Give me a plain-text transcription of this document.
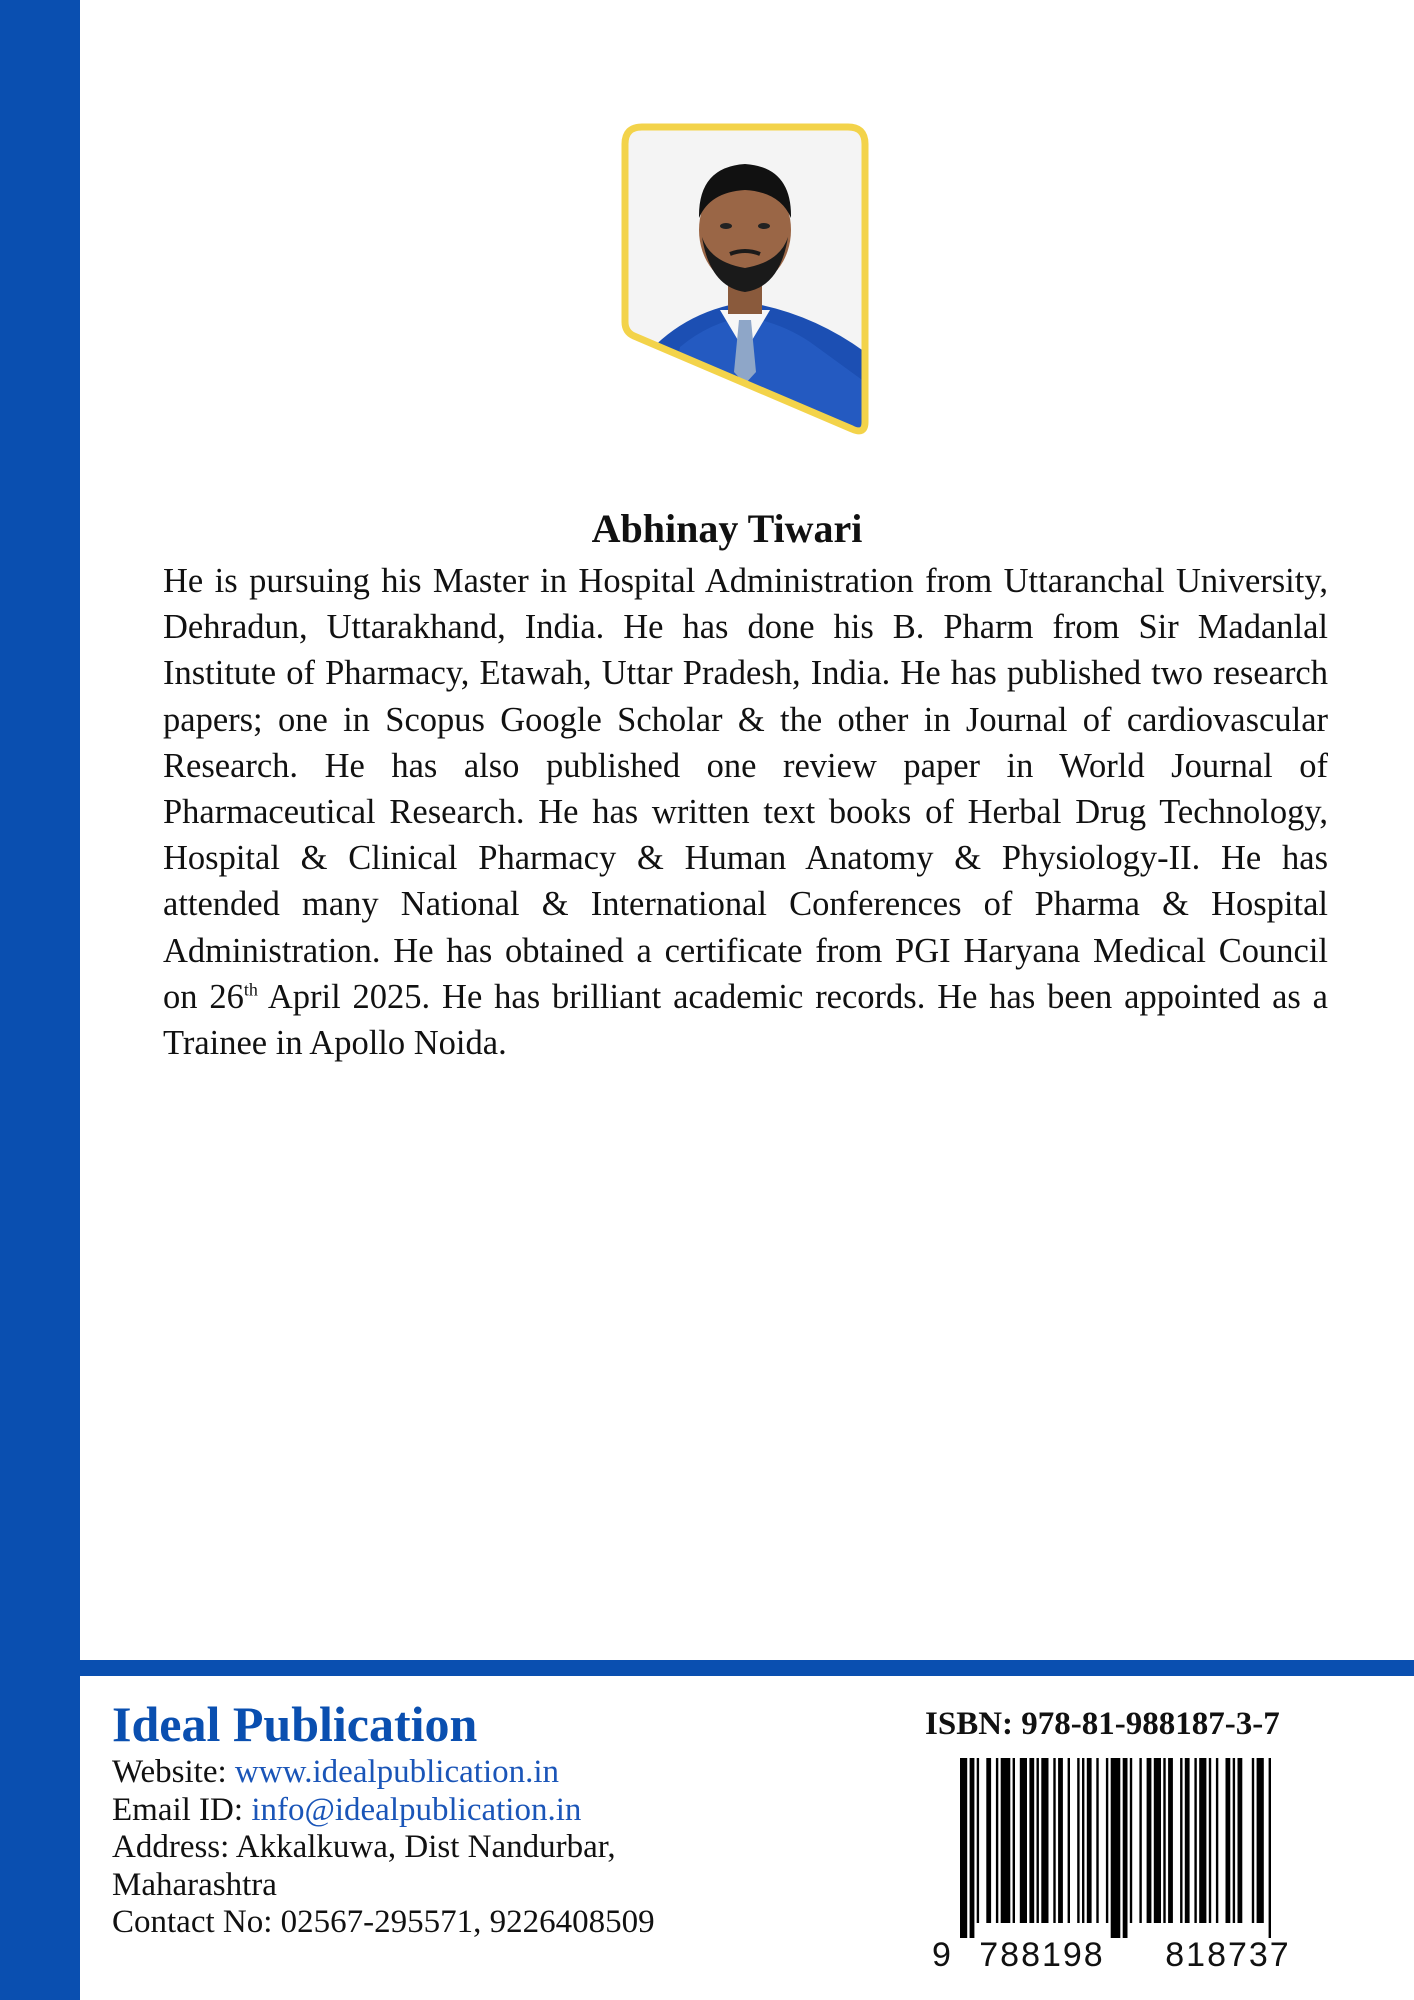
Abhinay Tiwari

He is pursuing his Master in Hospital Administration from Uttaranchal University, Dehradun, Uttarakhand, India. He has done his B. Pharm from Sir Madanlal Institute of Pharmacy, Etawah, Uttar Pradesh, India. He has published two research papers; one in Scopus Google Scholar & the other in Journal of cardiovascular Research. He has also published one review paper in World Journal of Pharmaceutical Research. He has written text books of Herbal Drug Technology, Hospital & Clinical Pharmacy & Human Anatomy & Physiology-II. He has attended many National & International Conferences of Pharma & Hospital Administration. He has obtained a certificate from PGI Haryana Medical Council on 26th April 2025. He has brilliant academic records. He has been appointed as a Trainee in Apollo Noida.

Ideal Publication
Website: www.idealpublication.in
Email ID: info@idealpublication.in
Address: Akkalkuwa, Dist Nandurbar,
Maharashtra
Contact No: 02567-295571, 9226408509
ISBN: 978-81-988187-3-7
9 788198 818737
